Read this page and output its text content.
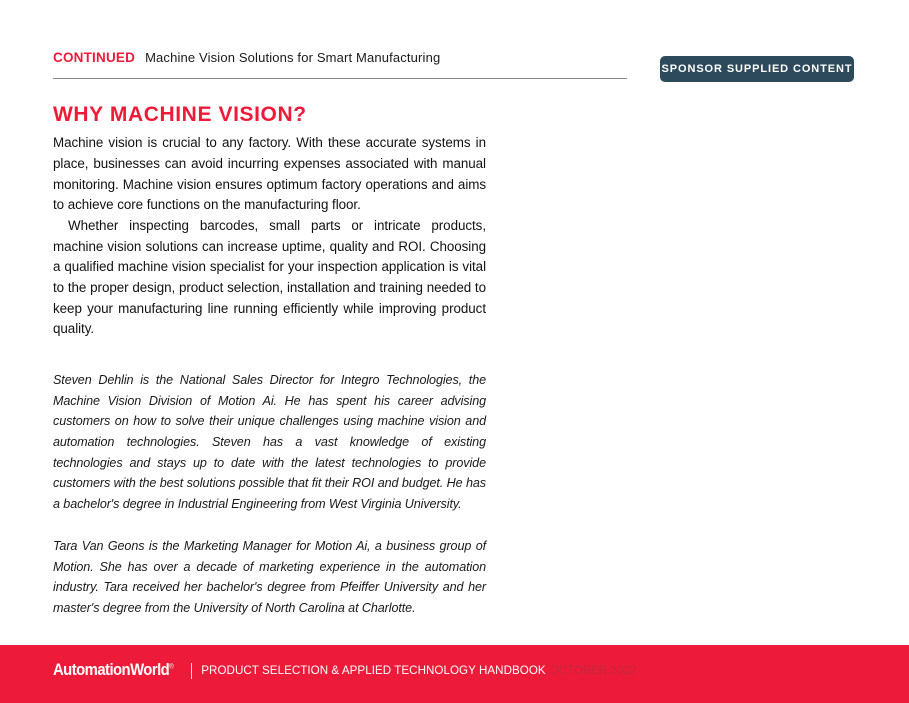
CONTINUED Machine Vision Solutions for Smart Manufacturing
SPONSOR SUPPLIED CONTENT
WHY MACHINE VISION?

Machine vision is crucial to any factory. With these accurate systems in place, businesses can avoid incurring expenses associated with manual monitoring. Machine vision ensures optimum factory operations and aims to achieve core functions on the manufacturing floor.

Whether inspecting barcodes, small parts or intricate products, machine vision solutions can increase uptime, quality and ROI. Choosing a qualified machine vision specialist for your inspection application is vital to the proper design, product selection, installation and training needed to keep your manufacturing line running efficiently while improving product quality.

Steven Dehlin is the National Sales Director for Integro Technologies, the Machine Vision Division of Motion Ai. He has spent his career advising customers on how to solve their unique challenges using machine vision and automation technologies. Steven has a vast knowledge of existing technologies and stays up to date with the latest technologies to provide customers with the best solutions possible that fit their ROI and budget. He has a bachelor's degree in Industrial Engineering from West Virginia University.

Tara Van Geons is the Marketing Manager for Motion Ai, a business group of Motion. She has over a decade of marketing experience in the automation industry. Tara received her bachelor's degree from Pfeiffer University and her master's degree from the University of North Carolina at Charlotte.

AutomationWorld® PRODUCT SELECTION & APPLIED TECHNOLOGY HANDBOOK OCTOBER 2022
